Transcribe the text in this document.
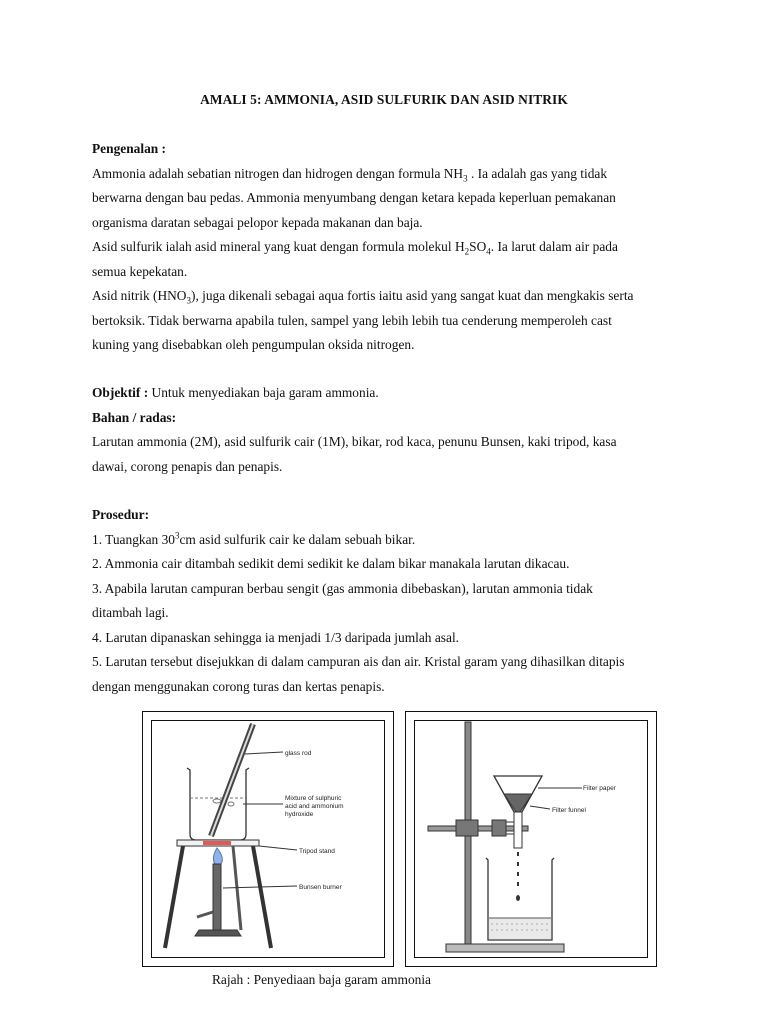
AMALI 5: AMMONIA, ASID SULFURIK DAN ASID NITRIK
Pengenalan :
Ammonia adalah sebatian nitrogen dan hidrogen dengan formula $NH_3$ . Ia adalah gas yang tidak
berwarna dengan bau pedas. Ammonia menyumbang dengan ketara kepada keperluan pemakanan
organisma daratan sebagai pelopor kepada makanan dan baja.
Asid sulfurik ialah asid mineral yang kuat dengan formula molekul $H_2SO_4$. Ia larut dalam air pada
semua kepekatan.
Asid nitrik $(HNO_3)$, juga dikenali sebagai aqua fortis iaitu asid yang sangat kuat dan mengkakis serta
bertoksik. Tidak berwarna apabila tulen, sampel yang lebih lebih tua cenderung memperoleh cast
kuning yang disebabkan oleh pengumpulan oksida nitrogen.
Objektif : Untuk menyediakan baja garam ammonia.
Bahan / radas:
Larutan ammonia (2M), asid sulfurik cair (1M), bikar, rod kaca, penunu Bunsen, kaki tripod, kasa
dawai, corong penapis dan penapis.
Prosedur:
1. Tuangkan $30^3cm$ asid sulfurik cair ke dalam sebuah bikar.
2. Ammonia cair ditambah sedikit demi sedikit ke dalam bikar manakala larutan dikacau.
3. Apabila larutan campuran berbau sengit (gas ammonia dibebaskan), larutan ammonia tidak
ditambah lagi.
4. Larutan dipanaskan sehingga ia menjadi 1/3 daripada jumlah asal.
5. Larutan tersebut disejukkan di dalam campuran ais dan air. Kristal garam yang dihasilkan ditapis
dengan menggunakan corong turas dan kertas penapis.
glass rod
Mixture of sulphuric
acid and ammonium
hydroxide
Tripod stand
Bunsen burner
Filter paper
Filter funnel
Rajah : Penyediaan baja garam ammonia
